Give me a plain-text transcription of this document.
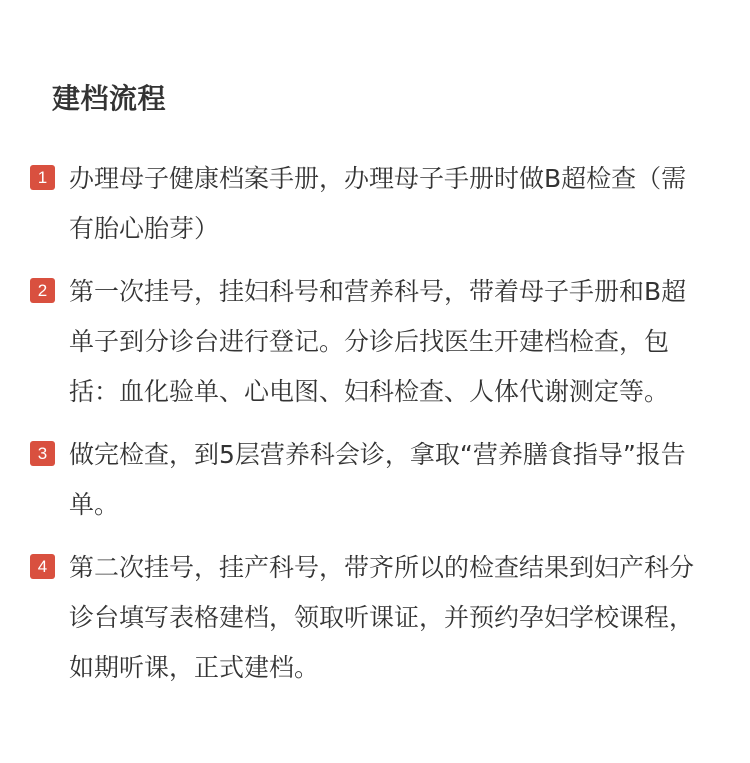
建档流程
1 办理母子健康档案手册，办理母子手册时做B超检查（需有胎心胎芽）

2 第一次挂号，挂妇科号和营养科号，带着母子手册和B超单子到分诊台进行登记。分诊后找医生开建档检查，包括：血化验单、心电图、妇科检查、人体代谢测定等。

3 做完检查，到5层营养科会诊，拿取“营养膳食指导”报告单。

4 第二次挂号，挂产科号，带齐所以的检查结果到妇产科分诊台填写表格建档，领取听课证，并预约孕妇学校课程，如期听课，正式建档。
